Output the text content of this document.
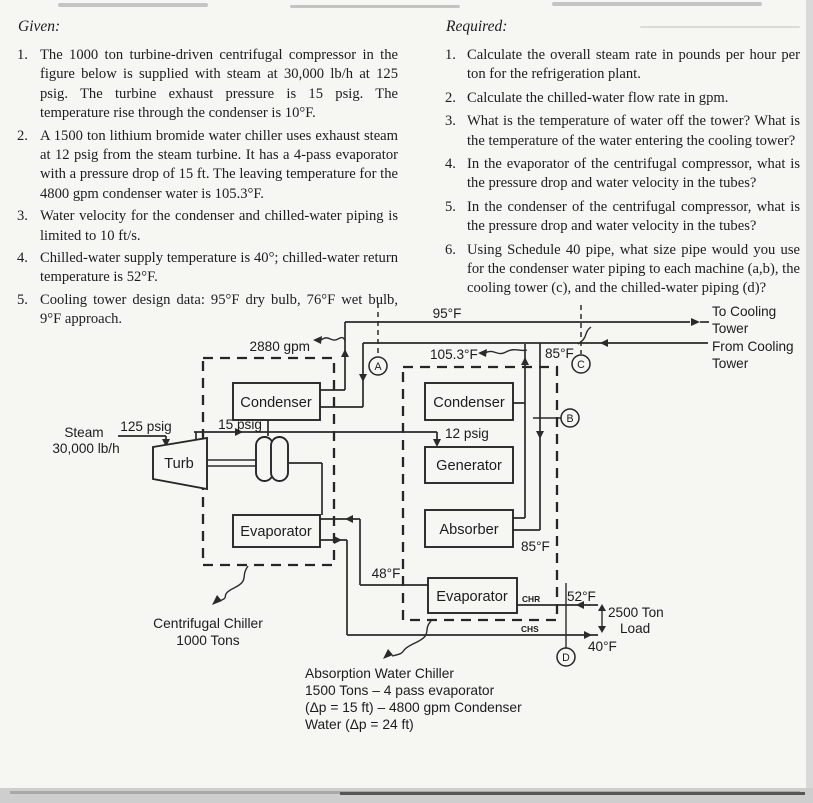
Given:

The 1000 ton turbine-driven centrifugal compressor in the figure below is supplied with steam at 30,000 lb/h at 125 psig. The turbine exhaust pressure is 15 psig. The temperature rise through the condenser is 10°F.
A 1500 ton lithium bromide water chiller uses exhaust steam at 12 psig from the steam turbine. It has a 4-pass evaporator with a pressure drop of 15 ft. The leaving temperature for the 4800 gpm condenser water is 105.3°F.
Water velocity for the condenser and chilled-water piping is limited to 10 ft/s.
Chilled-water supply temperature is 40°; chilled-water return temperature is 52°F.
Cooling tower design data: 95°F dry bulb, 76°F wet bulb, 9°F approach.

Required:

Calculate the overall steam rate in pounds per hour per ton for the refrigeration plant.
Calculate the chilled-water flow rate in gpm.
What is the temperature of water off the tower? What is the temperature of the water entering the cooling tower?
In the evaporator of the centrifugal compressor, what is the pressure drop and water velocity in the tubes?
In the condenser of the centrifugal compressor, what is the pressure drop and water velocity in the tubes?
Using Schedule 40 pipe, what size pipe would you use for the condenser water piping to each machine (a,b), the cooling tower (c), and the chilled-water piping (d)?
A	C
B
D
95°F
2880 gpm
105.3°F	85°F
To Cooling
Tower
From Cooling
Tower
Steam
30,000 lb/h
125 psig	15 psig
12 psig
48°F
85°F
CHR
CHS
52°F
40°F
2500 Ton
Load
Turb
Condenser
Evaporator
Condenser
Generator
Absorber
Evaporator
Centrifugal Chiller
1000 Tons
Absorption Water Chiller
1500 Tons – 4 pass evaporator
(Δp = 15 ft) – 4800 gpm Condenser
Water (Δp = 24 ft)
